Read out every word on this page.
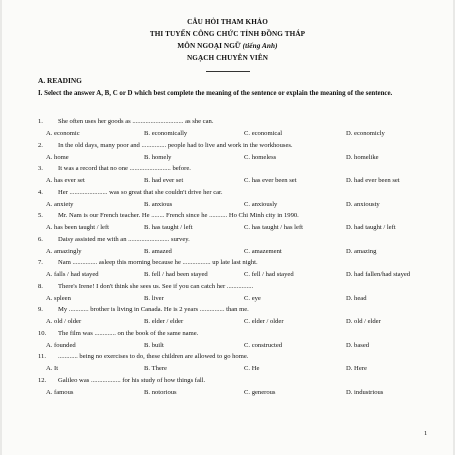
CÂU HỎI THAM KHẢO
THI TUYỂN CÔNG CHỨC TỈNH ĐỒNG THÁP
MÔN NGOẠI NGỮ (tiếng Anh)
NGẠCH CHUYÊN VIÊN
A. READING
I. Select the answer A, B, C or D which best complete the meaning of the sentence or explain the meaning of the sentence.
1. She often uses her goods as ............................... as she can.
A. economic	B. economically	C. economical	D. economicly
2. In the old days, many poor and ............... people had to live and work in the workhouses.
A. home	B. homely	C. homeless	D. homelike
3. It was a record that no one ......................... before.
A. has ever set	B. had ever set	C. has ever been set	D. had ever been set
4. Her ....................... was so great that she couldn't drive her car.
A. anxiety	B. anxious	C. anxiously	D. anxiousty
5. Mr. Nam is our French teacher. He ........ French since he ........... Ho Chi Minh city in 1990.
A. has been taught / left	B. has taught / left	C. has taught / has left	D. had taught / left
6. Daisy assisted me with an ......................... survey.
A. amazingly	B. amazed	C. amazement	D. amazing
7. Nam ............... asleep this morning because he ................. up late last night.
A. falls / had stayed	B. fell / had been stayed	C. fell / had stayed	D. had fallen/had stayed
8. There's Irene! I don't think she sees us. See if you can catch her ................
A. spleen	B. liver	C. eye	D. head
9. My ............ brother is living in Canada. He is 2 years ............... than me.
A. old / older	B. elder / elder	C. elder / older	D. old / elder
10. The film was ............. on the book of the same name.
A. founded	B. built	C. constructed	D. based
11. ............ being no exercises to do, these children are allowed to go home.
A. It	B. There	C. He	D. Here
12. Galileo was .................. for his study of how things fall.
A. famous	B. notorious	C. generous	D. industrious
1
